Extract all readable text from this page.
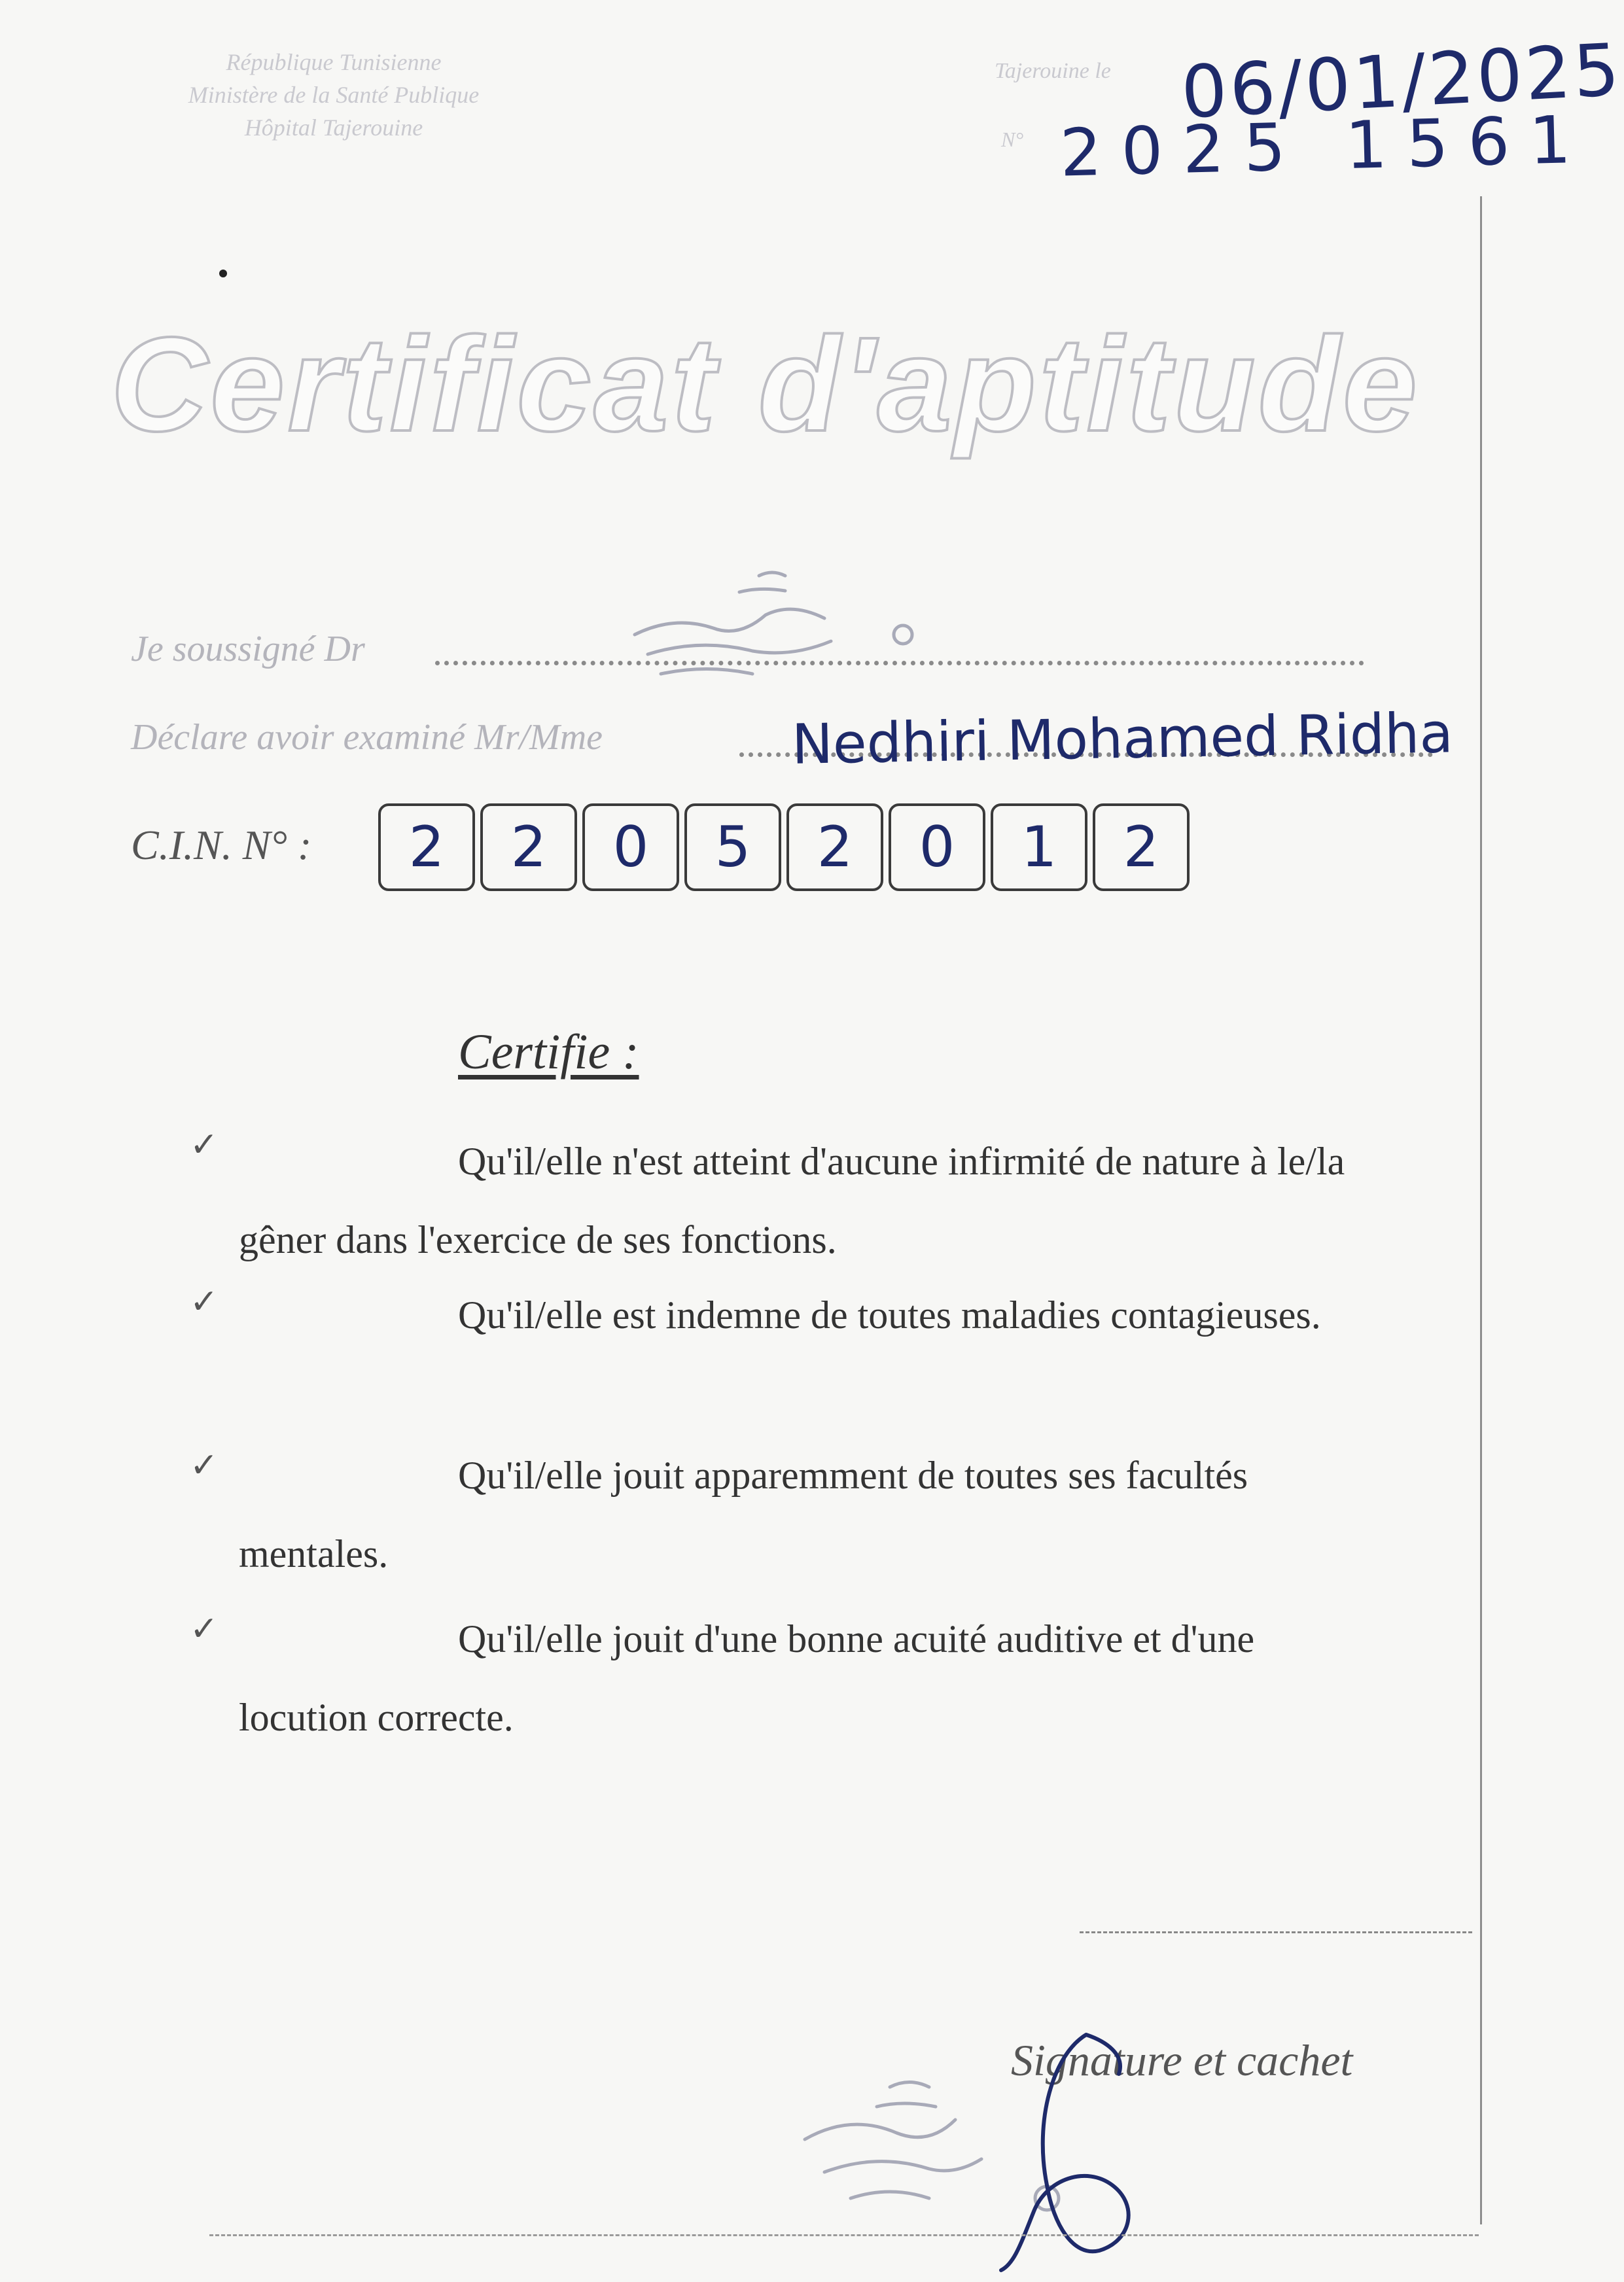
République Tunisienne
Ministère de la Santé Publique
Hôpital Tajerouine
Tajerouine le 06/01/2025
N° 2025 1561
Certificat d'aptitude
Je soussigné Dr
Déclare avoir examiné Mr/Mme	Nedhiri Mohamed Ridha
C.I.N. N° :	2	2	0	5	2	0	1	2
Certifie :
✓	Qu'il/elle n'est atteint d'aucune infirmité de nature à le/la gêner dans l'exercice de ses fonctions.
✓	Qu'il/elle est indemne de toutes maladies contagieuses.
✓	Qu'il/elle jouit apparemment de toutes ses facultés mentales.
✓	Qu'il/elle jouit d'une bonne acuité auditive et d'une locution correcte.
Signature et cachet
